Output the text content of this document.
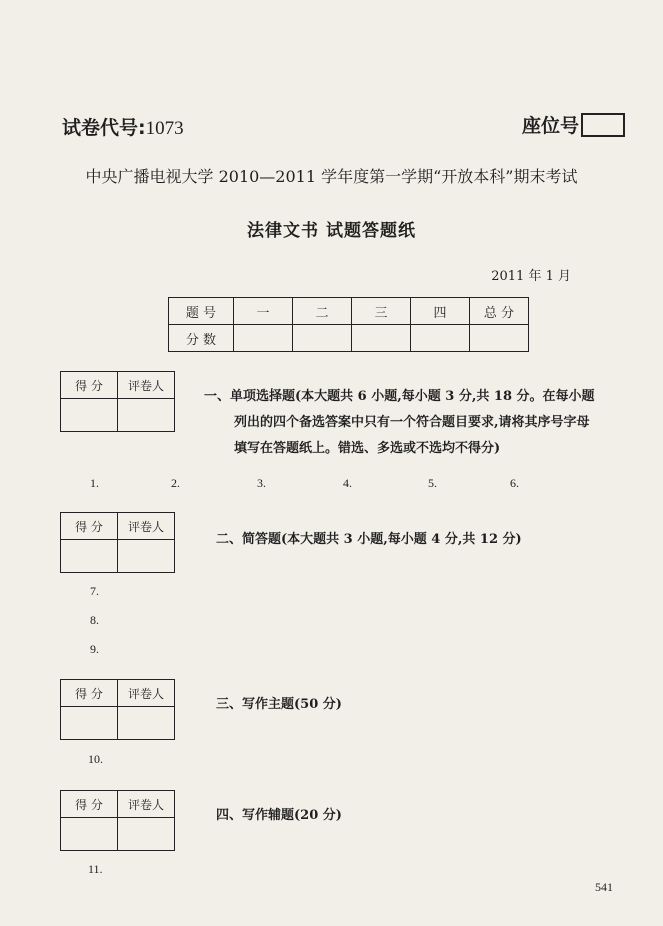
试卷代号:1073	座位号
中央广播电视大学 2010—2011 学年度第一学期“开放本科”期末考试
法律文书 试题答题纸
2011 年 1 月
题 号	一	二	三	四	总 分
分 数					
得 分	评卷人

一、单项选择题(本大题共 6 小题,每小题 3 分,共 18 分。在每小题
列出的四个备选答案中只有一个符合题目要求,请将其序号字母
填写在答题纸上。错选、多选或不选均不得分)
1.	2.	3.	4.	5.	6.
得 分	评卷人

二、简答题(本大题共 3 小题,每小题 4 分,共 12 分)
7.
8.
9.
得 分	评卷人

三、写作主题(50 分)
10.
得 分	评卷人

四、写作辅题(20 分)
11.
541
